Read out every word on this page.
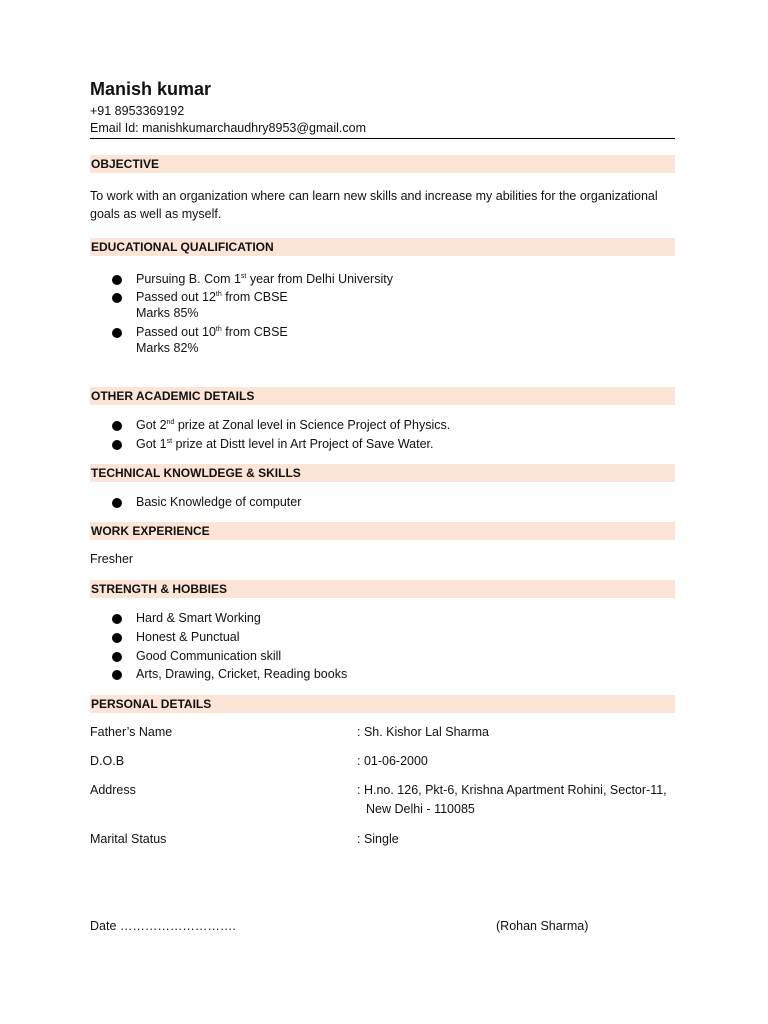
Manish kumar
+91 8953369192
Email Id: manishkumarchaudhry8953@gmail.com
OBJECTIVE
To work with an organization where can learn new skills and increase my abilities for the organizational goals as well as myself.
EDUCATIONAL QUALIFICATION
Pursuing B. Com 1st year from Delhi University
Passed out 12th from CBSE
Marks 85%
Passed out 10th from CBSE
Marks 82%
OTHER ACADEMIC DETAILS
Got 2nd prize at Zonal level in Science Project of Physics.
Got 1st prize at Distt level in Art Project of Save Water.
TECHNICAL KNOWLDEGE & SKILLS
Basic Knowledge of computer
WORK EXPERIENCE
Fresher
STRENGTH & HOBBIES
Hard & Smart Working
Honest & Punctual
Good Communication skill
Arts, Drawing, Cricket, Reading books
PERSONAL DETAILS
Father’s Name	: Sh. Kishor Lal Sharma
D.O.B	: 01-06-2000
Address	: H.no. 126, Pkt-6, Krishna Apartment Rohini, Sector-11,
New Delhi - 110085
Marital Status	: Single
Date ……………………….	(Rohan Sharma)
